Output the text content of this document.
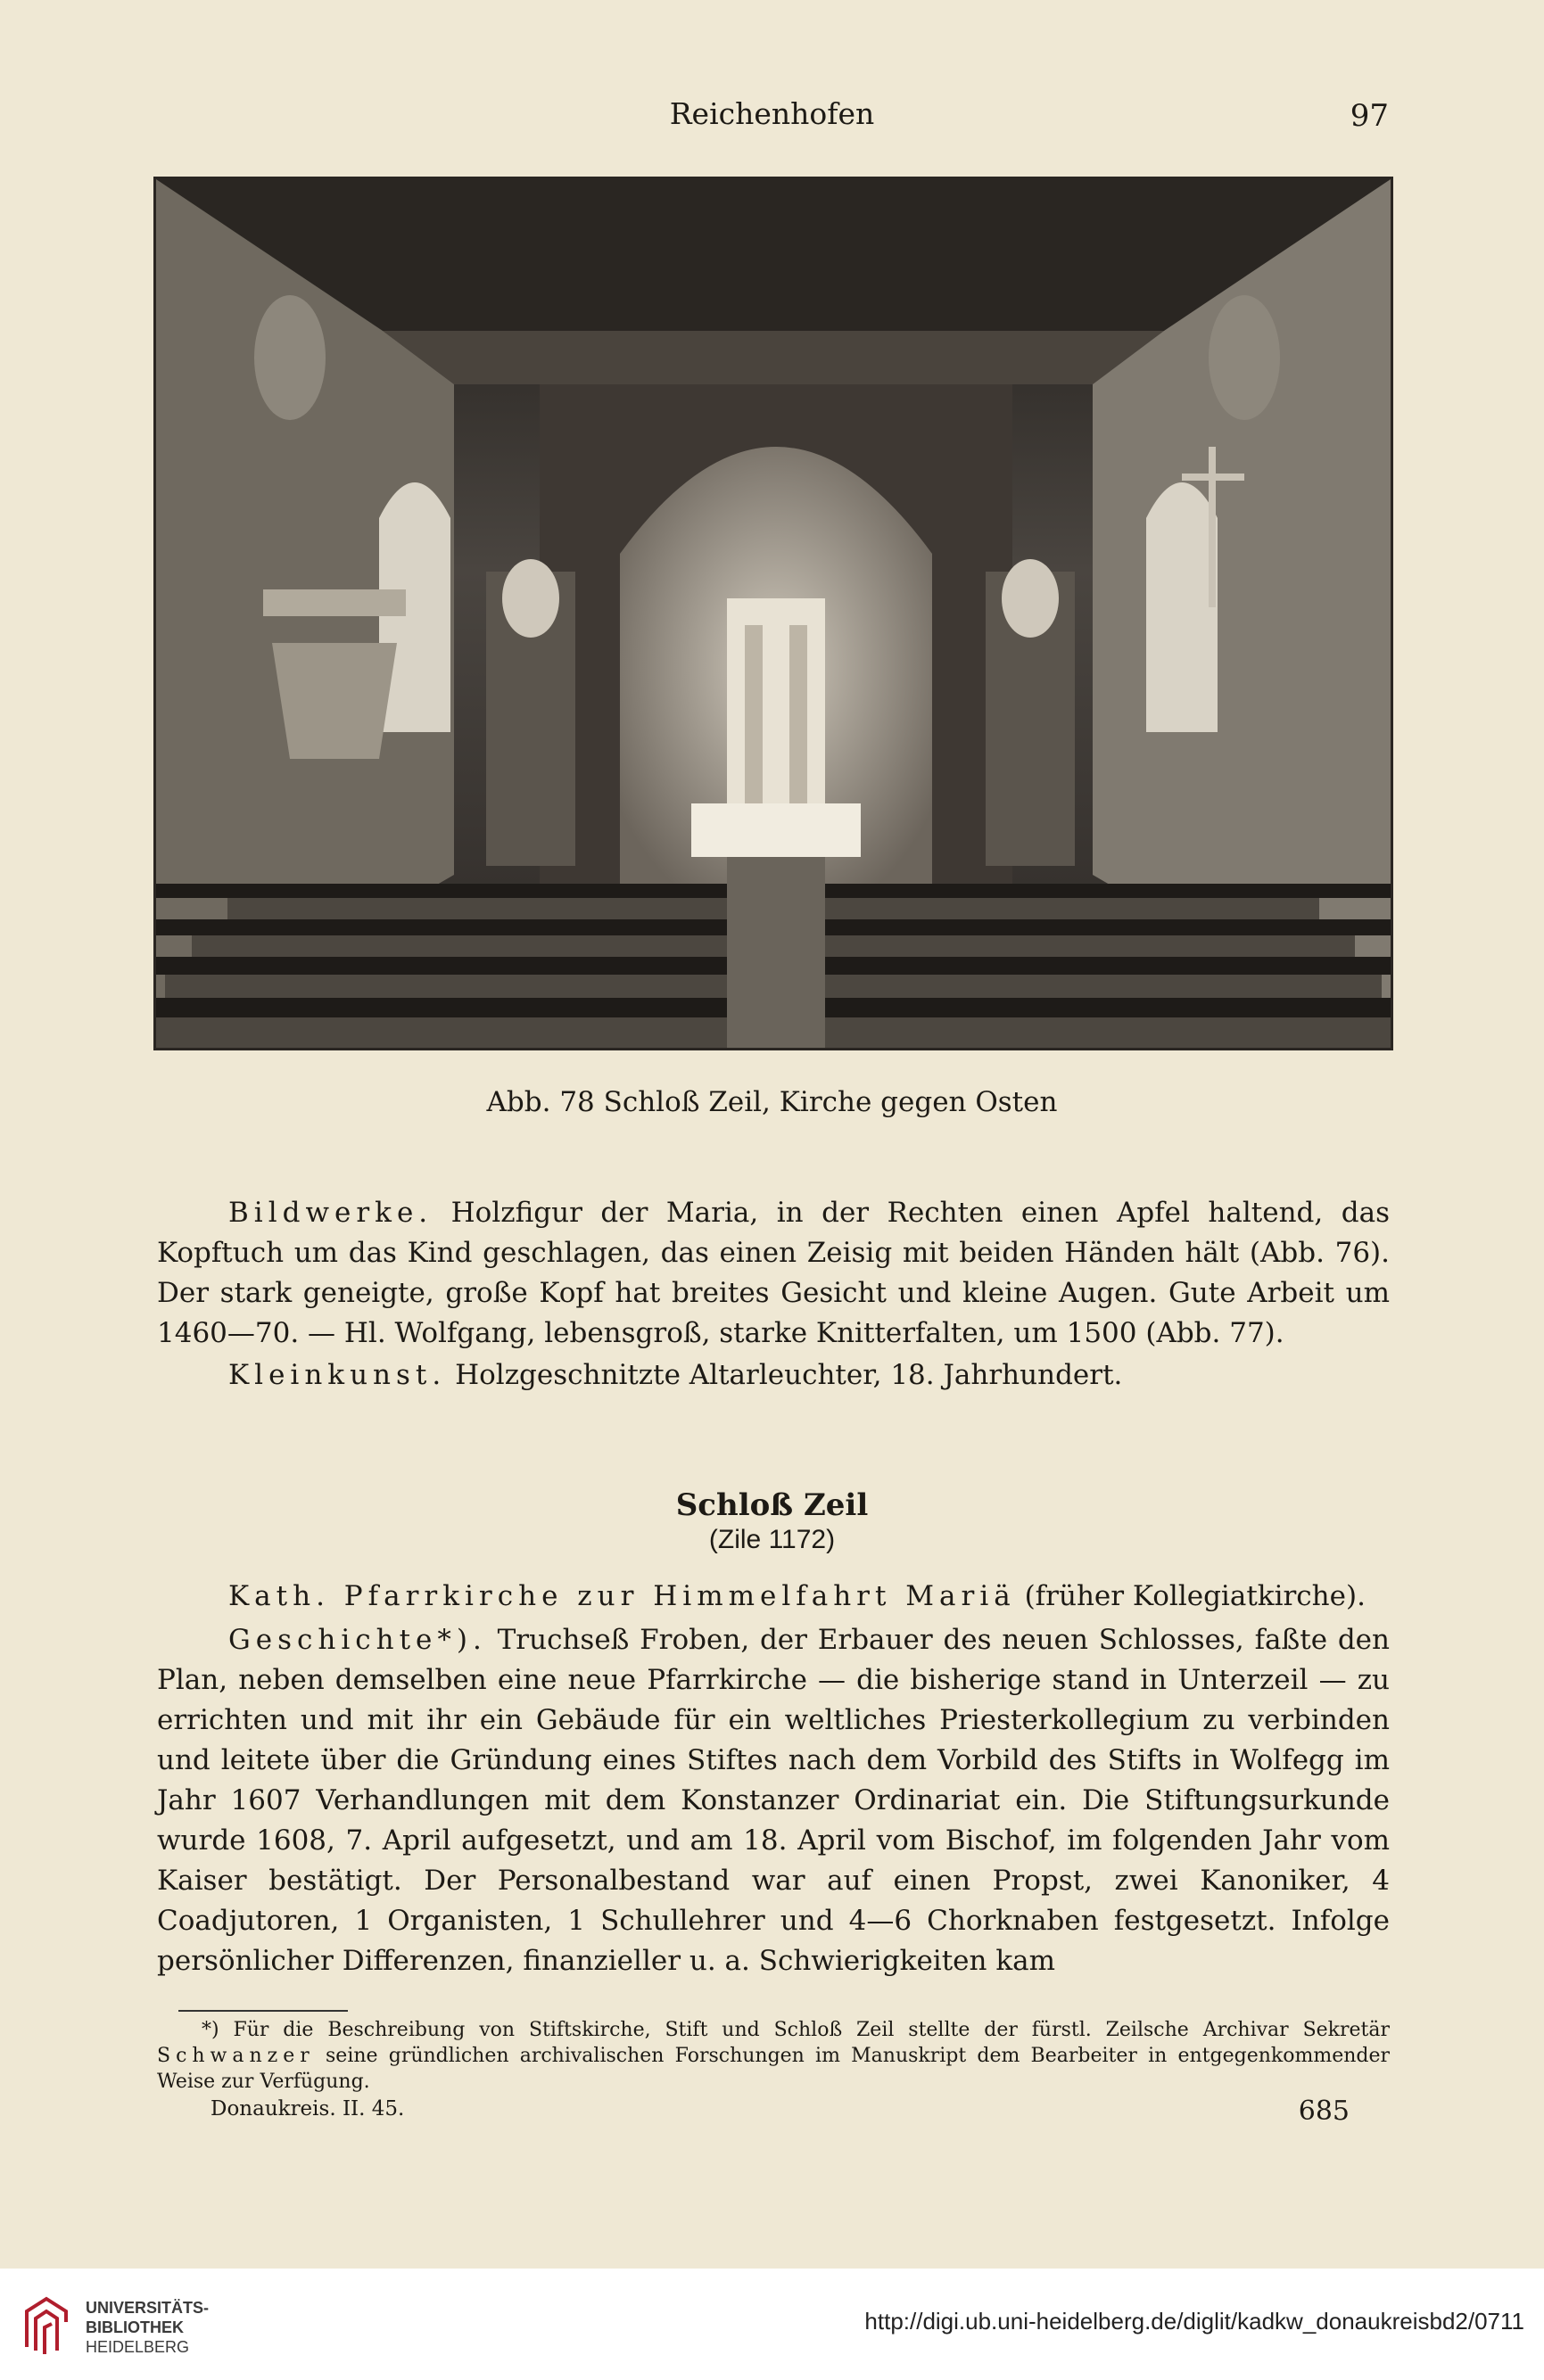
Reichenhofen	97
Abb. 78 Schloß Zeil, Kirche gegen Osten

Bildwerke. Holzfigur der Maria, in der Rechten einen Apfel haltend, das Kopftuch um das Kind geschlagen, das einen Zeisig mit beiden Händen hält (Abb. 76). Der stark geneigte, große Kopf hat breites Gesicht und kleine Augen. Gute Arbeit um 1460—70. — Hl. Wolfgang, lebensgroß, starke Knitterfalten, um 1500 (Abb. 77).

Kleinkunst. Holzgeschnitzte Altarleuchter, 18. Jahrhundert.

Schloß Zeil
(Zile 1172)

Kath. Pfarrkirche zur Himmelfahrt Mariä (früher Kollegiatkirche).

Geschichte*). Truchseß Froben, der Erbauer des neuen Schlosses, faßte den Plan, neben demselben eine neue Pfarrkirche — die bisherige stand in Unterzeil — zu errichten und mit ihr ein Gebäude für ein weltliches Priesterkollegium zu verbinden und leitete über die Gründung eines Stiftes nach dem Vorbild des Stifts in Wolfegg im Jahr 1607 Verhandlungen mit dem Konstanzer Ordinariat ein. Die Stiftungsurkunde wurde 1608, 7. April aufgesetzt, und am 18. April vom Bischof, im folgenden Jahr vom Kaiser bestätigt. Der Personalbestand war auf einen Propst, zwei Kanoniker, 4 Coadjutoren, 1 Organisten, 1 Schullehrer und 4—6 Chorknaben festgesetzt. Infolge persönlicher Differenzen, finanzieller u. a. Schwierigkeiten kam

*) Für die Beschreibung von Stiftskirche, Stift und Schloß Zeil stellte der fürstl. Zeilsche Archivar Sekretär Schwanzer seine gründlichen archivalischen Forschungen im Manuskript dem Bearbeiter in entgegenkommender Weise zur Verfügung.

Donaukreis. II. 45.	685
UNIVERSITÄTS-
BIBLIOTHEK
HEIDELBERG
http://digi.ub.uni-heidelberg.de/diglit/kadkw_donaukreisbd2/0711
